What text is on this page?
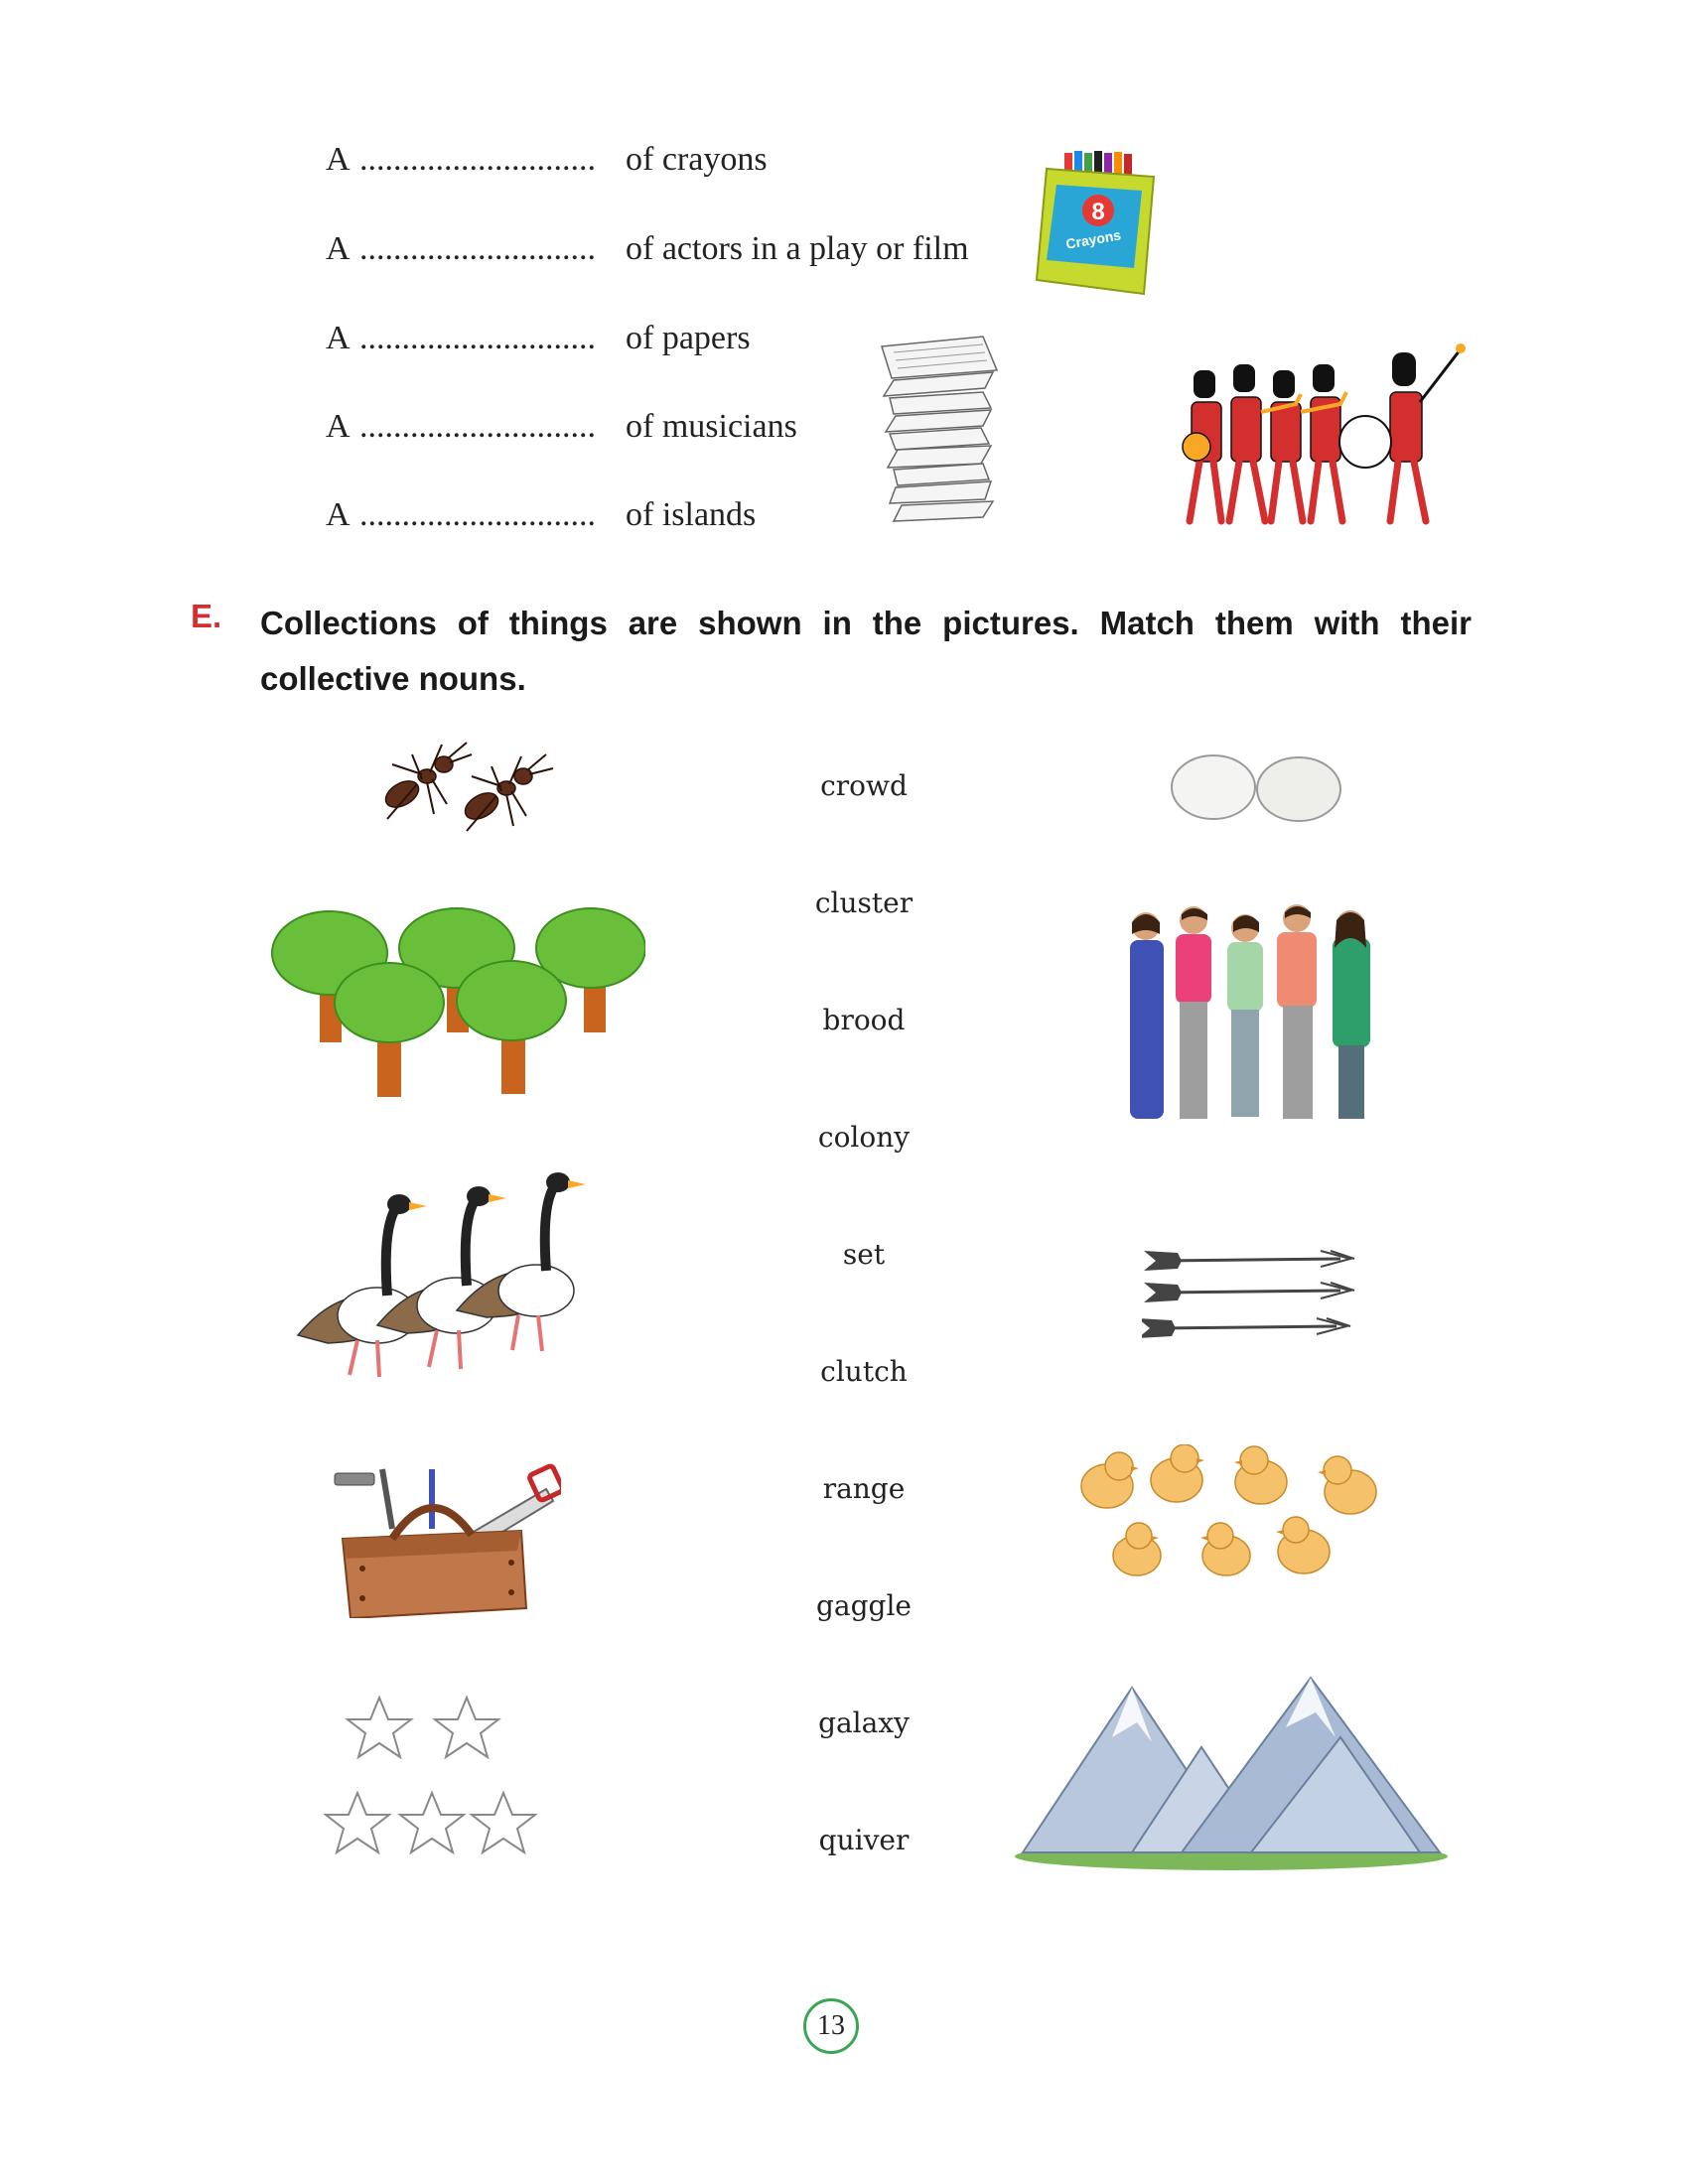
A ............................ of crayons
A ............................ of actors in a play or film
A ............................ of papers
A ............................ of musicians
A ............................ of islands
8
Crayons
E. Collections of things are shown in the pictures. Match them with their collective nouns.
crowd
cluster
brood
colony
set
clutch
range
gaggle
galaxy
quiver
13
